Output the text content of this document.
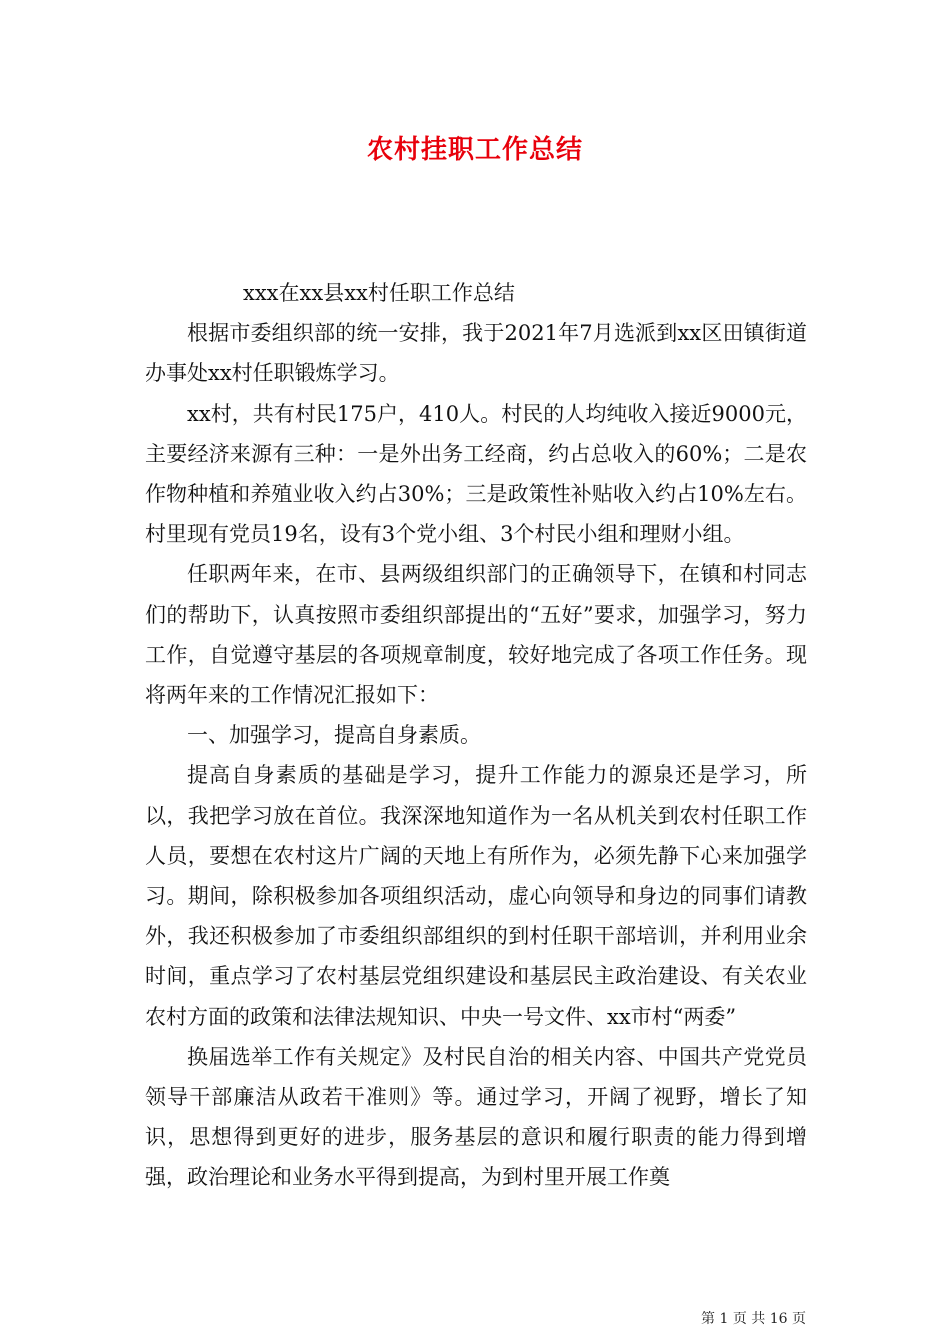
农村挂职工作总结

xxx在xx县xx村任职工作总结

根据市委组织部的统一安排，我于2021年7月选派到xx区田镇街道办事处xx村任职锻炼学习。

xx村，共有村民175户，410人。村民的人均纯收入接近9000元，主要经济来源有三种：一是外出务工经商，约占总收入的60%；二是农作物种植和养殖业收入约占30%；三是政策性补贴收入约占10%左右。村里现有党员19名，设有3个党小组、3个村民小组和理财小组。

任职两年来，在市、县两级组织部门的正确领导下，在镇和村同志们的帮助下，认真按照市委组织部提出的“五好”要求，加强学习，努力工作，自觉遵守基层的各项规章制度，较好地完成了各项工作任务。现将两年来的工作情况汇报如下：

一、加强学习，提高自身素质。

提高自身素质的基础是学习，提升工作能力的源泉还是学习，所以，我把学习放在首位。我深深地知道作为一名从机关到农村任职工作人员，要想在农村这片广阔的天地上有所作为，必须先静下心来加强学习。期间，除积极参加各项组织活动，虚心向领导和身边的同事们请教外，我还积极参加了市委组织部组织的到村任职干部培训，并利用业余时间，重点学习了农村基层党组织建设和基层民主政治建设、有关农业农村方面的政策和法律法规知识、中央一号文件、xx市村“两委”

换届选举工作有关规定》及村民自治的相关内容、中国共产党党员领导干部廉洁从政若干准则》等。通过学习，开阔了视野，增长了知识，思想得到更好的进步，服务基层的意识和履行职责的能力得到增强，政治理论和业务水平得到提高，为到村里开展工作奠

第 1 页 共 16 页
